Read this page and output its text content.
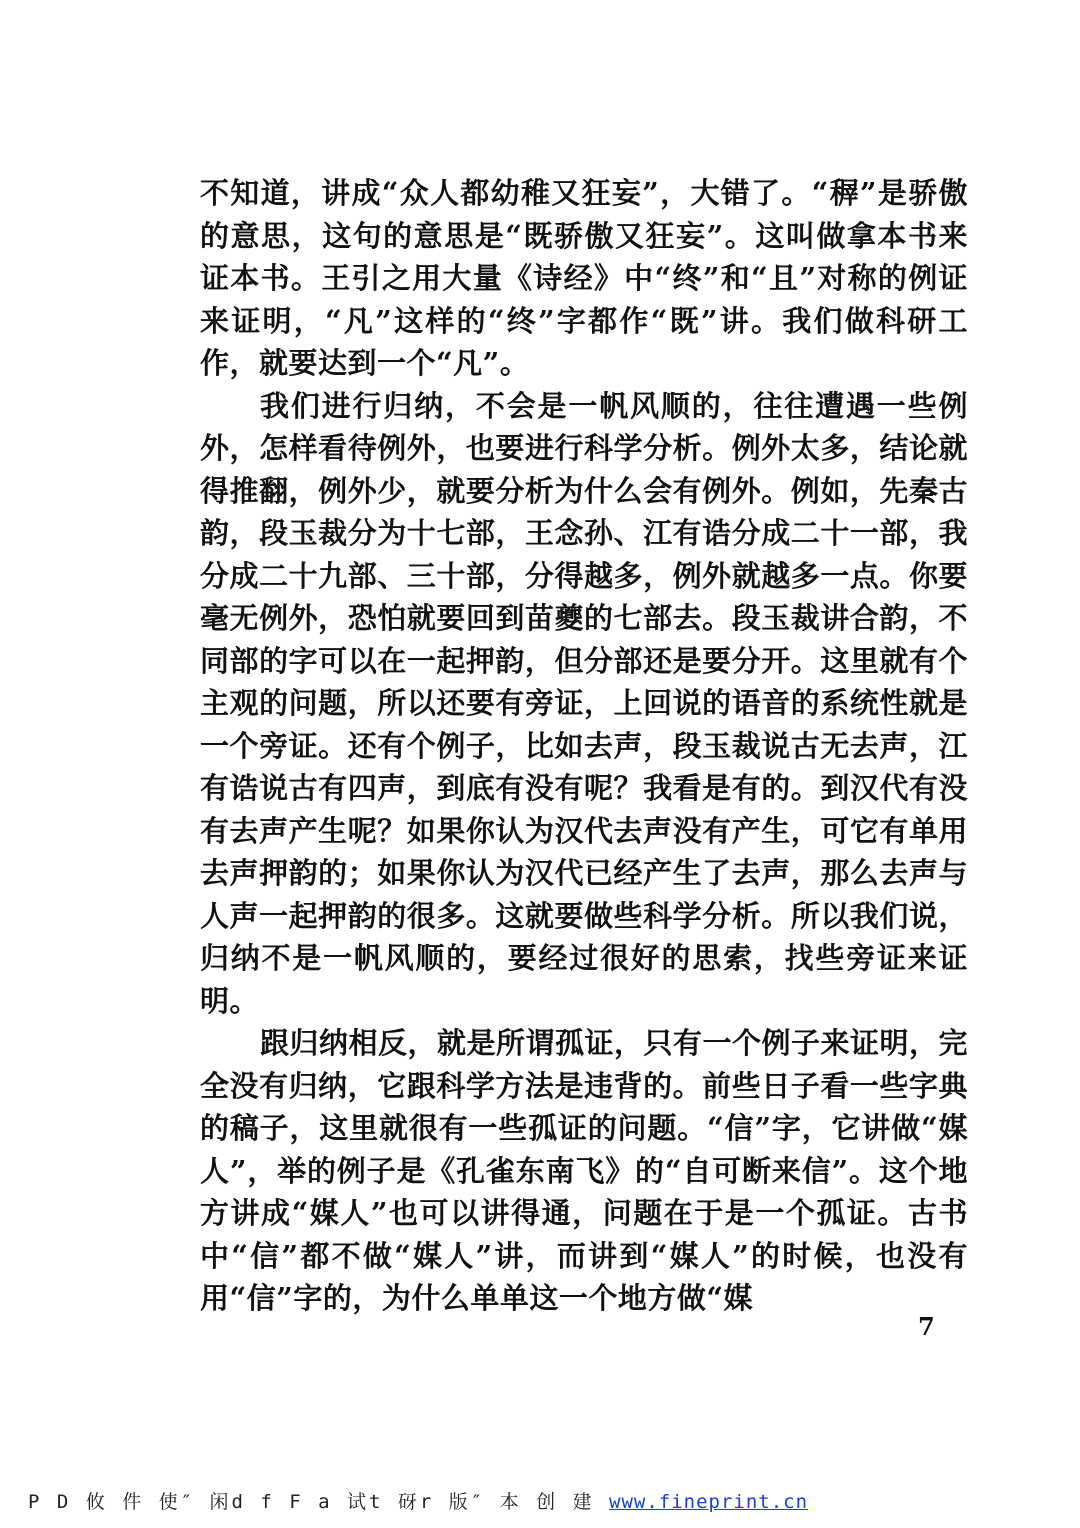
不知道，讲成“众人都幼稚又狂妄”，大错了。“稺”是骄傲的意思，这句的意思是“既骄傲又狂妄”。这叫做拿本书来证本书。王引之用大量《诗经》中“终”和“且”对称的例证来证明，“凡”这样的“终”字都作“既”讲。我们做科研工作，就要达到一个“凡”。

我们进行归纳，不会是一帆风顺的，往往遭遇一些例外，怎样看待例外，也要进行科学分析。例外太多，结论就得推翻，例外少，就要分析为什么会有例外。例如，先秦古韵，段玉裁分为十七部，王念孙、江有诰分成二十一部，我分成二十九部、三十部，分得越多，例外就越多一点。你要毫无例外，恐怕就要回到苗夔的七部去。段玉裁讲合韵，不同部的字可以在一起押韵，但分部还是要分开。这里就有个主观的问题，所以还要有旁证，上回说的语音的系统性就是一个旁证。还有个例子，比如去声，段玉裁说古无去声，江有诰说古有四声，到底有没有呢？我看是有的。到汉代有没有去声产生呢？如果你认为汉代去声没有产生，可它有单用去声押韵的；如果你认为汉代已经产生了去声，那么去声与人声一起押韵的很多。这就要做些科学分析。所以我们说，归纳不是一帆风顺的，要经过很好的思索，找些旁证来证明。

跟归纳相反，就是所谓孤证，只有一个例子来证明，完全没有归纳，它跟科学方法是违背的。前些日子看一些字典的稿子，这里就很有一些孤证的问题。“信”字，它讲做“媒人”，举的例子是《孔雀东南飞》的“自可断来信”。这个地方讲成“媒人”也可以讲得通，问题在于是一个孤证。古书中“信”都不做“媒人”讲，而讲到“媒人”的时候，也没有用“信”字的，为什么单单这一个地方做“媒

7
P D 攸 件 使″ 闲d f F a 试t 砑r 版″ 本 创 建 www.fineprint.cn
